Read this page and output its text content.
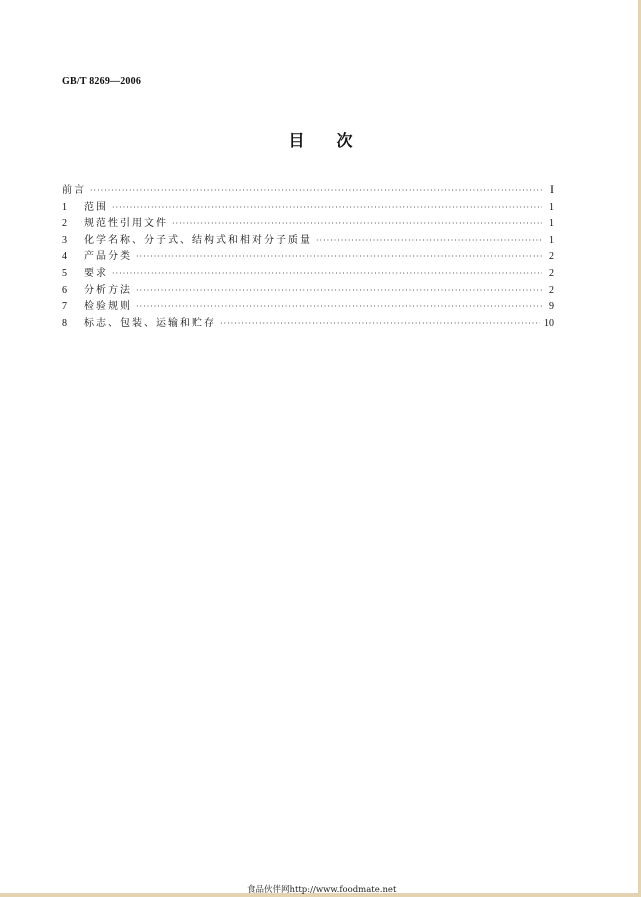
GB/T 8269—2006
目 次
前言 ·····	I
1	范围 ·····	1
2	规范性引用文件 ·····	1
3	化学名称、分子式、结构式和相对分子质量 ·····	1
4	产品分类 ·····	2
5	要求 ·····	2
6	分析方法 ·····	2
7	检验规则 ·····	9
8	标志、包装、运输和贮存 ·····	10
食品伙伴网http://www.foodmate.net
